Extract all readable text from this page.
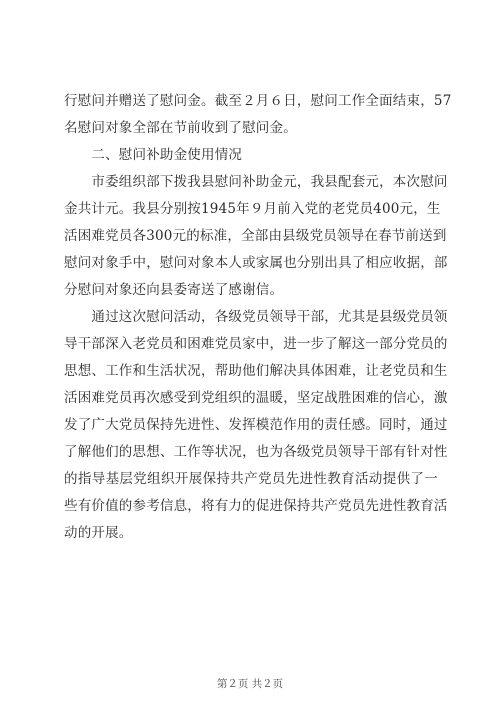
行慰问并赠送了慰问金。截至２月６日，慰问工作全面结束，57
名慰问对象全部在节前收到了慰问金。
　　二、慰问补助金使用情况
　　市委组织部下拨我县慰问补助金元，我县配套元，本次慰问
金共计元。我县分别按1945年９月前入党的老党员400元，生
活困难党员各300元的标准，全部由县级党员领导在春节前送到
慰问对象手中，慰问对象本人或家属也分别出具了相应收据，部
分慰问对象还向县委寄送了感谢信。
　　通过这次慰问活动，各级党员领导干部，尤其是县级党员领
导干部深入老党员和困难党员家中，进一步了解这一部分党员的
思想、工作和生活状况，帮助他们解决具体困难，让老党员和生
活困难党员再次感受到党组织的温暖，坚定战胜困难的信心，激
发了广大党员保持先进性、发挥模范作用的责任感。同时，通过
了解他们的思想、工作等状况，也为各级党员领导干部有针对性
的指导基层党组织开展保持共产党员先进性教育活动提供了一
些有价值的参考信息，将有力的促进保持共产党员先进性教育活
动的开展。
第２页 共２页
